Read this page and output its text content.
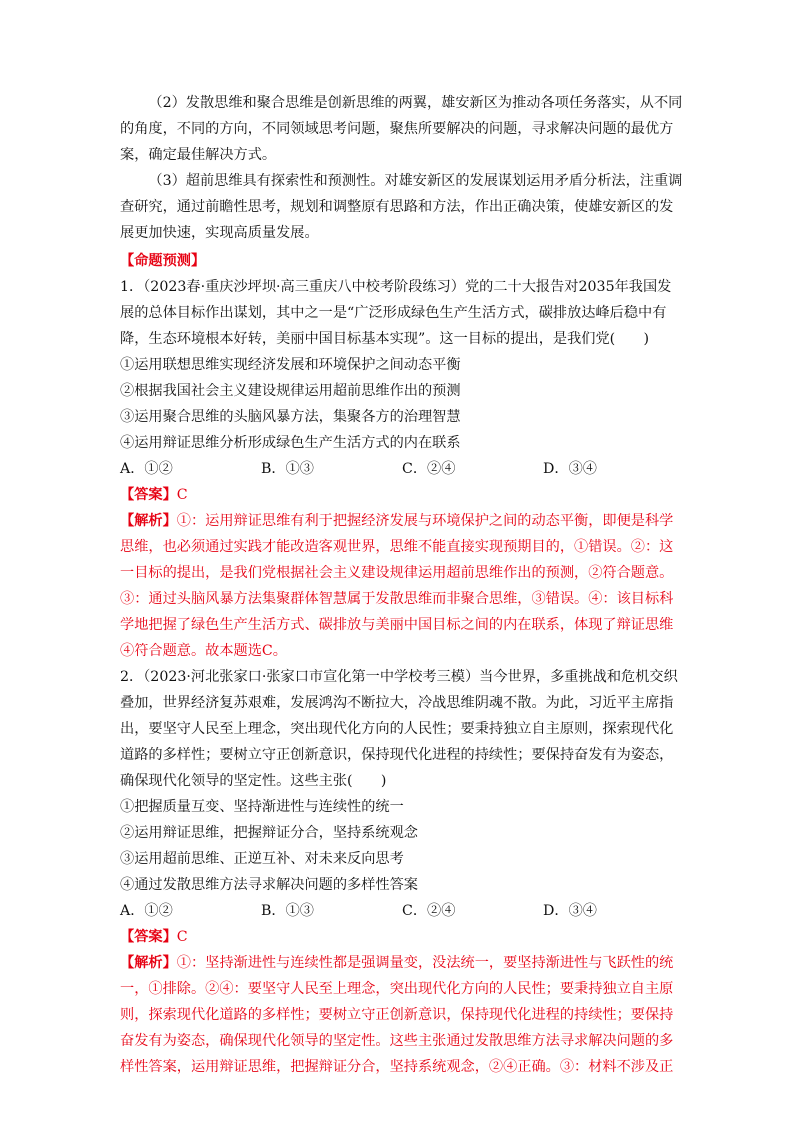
（2）发散思维和聚合思维是创新思维的两翼，雄安新区为推动各项任务落实，从不同的角度，不同的方向，不同领域思考问题，聚焦所要解决的问题，寻求解决问题的最优方案，确定最佳解决方式。

（3）超前思维具有探索性和预测性。对雄安新区的发展谋划运用矛盾分析法，注重调查研究，通过前瞻性思考，规划和调整原有思路和方法，作出正确决策，使雄安新区的发展更加快速，实现高质量发展。

【命题预测】

1．（2023春·重庆沙坪坝·高三重庆八中校考阶段练习）党的二十大报告对2035年我国发展的总体目标作出谋划，其中之一是“广泛形成绿色生产生活方式，碳排放达峰后稳中有降，生态环境根本好转，美丽中国目标基本实现”。这一目标的提出，是我们党(　　)

①运用联想思维实现经济发展和环境保护之间动态平衡

②根据我国社会主义建设规律运用超前思维作出的预测

③运用聚合思维的头脑风暴方法，集聚各方的治理智慧

④运用辩证思维分析形成绿色生产生活方式的内在联系

A．①②	B．①③	C．②④	D．③④

【答案】C

【解析】①：运用辩证思维有利于把握经济发展与环境保护之间的动态平衡，即便是科学思维，也必须通过实践才能改造客观世界，思维不能直接实现预期目的，①错误。②：这一目标的提出，是我们党根据社会主义建设规律运用超前思维作出的预测，②符合题意。③：通过头脑风暴方法集聚群体智慧属于发散思维而非聚合思维，③错误。④：该目标科学地把握了绿色生产生活方式、碳排放与美丽中国目标之间的内在联系，体现了辩证思维④符合题意。故本题选C。

2．（2023·河北张家口·张家口市宣化第一中学校考三模）当今世界，多重挑战和危机交织叠加，世界经济复苏艰难，发展鸿沟不断拉大，冷战思维阴魂不散。为此，习近平主席指出，要坚守人民至上理念，突出现代化方向的人民性；要秉持独立自主原则，探索现代化道路的多样性；要树立守正创新意识，保持现代化进程的持续性；要保持奋发有为姿态，确保现代化领导的坚定性。这些主张(　　)

①把握质量互变、坚持渐进性与连续性的统一

②运用辩证思维，把握辩证分合，坚持系统观念

③运用超前思维、正逆互补、对未来反向思考

④通过发散思维方法寻求解决问题的多样性答案

A．①②	B．①③	C．②④	D．③④

【答案】C

【解析】①：坚持渐进性与连续性都是强调量变，没法统一，要坚持渐进性与飞跃性的统一，①排除。②④：要坚守人民至上理念，突出现代化方向的人民性；要秉持独立自主原则，探索现代化道路的多样性；要树立守正创新意识，保持现代化进程的持续性；要保持奋发有为姿态，确保现代化领导的坚定性。这些主张通过发散思维方法寻求解决问题的多样性答案，运用辩证思维，把握辩证分合，坚持系统观念，②④正确。③：材料不涉及正
